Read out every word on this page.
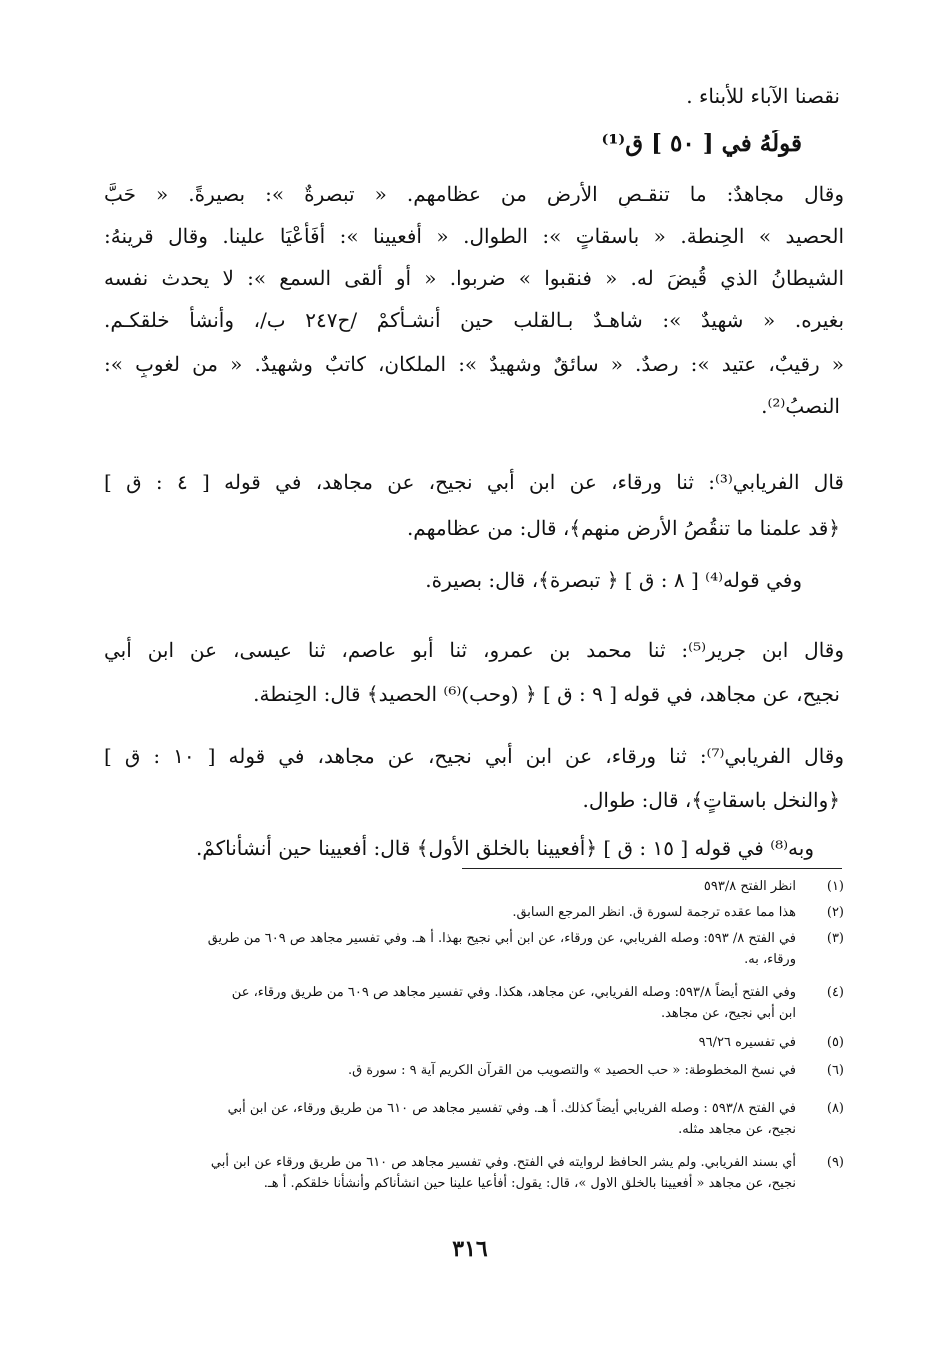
نقصنا الآباء للأبناء .
قولُهُ في [ ٥٠ ] ق⁽¹⁾
وقال مجاهدٌ: ما تنقـصِ الأرض من عظامهم. « تبصرةٌ »: بصيرةً. « حَبَّ
الحصيد » الحِنطة. « باسقاتٍ »: الطوال. « أفعيينا »: أَفَأَعْيَا علينا. وقال قرينهُ:
الشيطانُ الذي قُيضَ له. « فنقبوا » ضربوا. « أو ألقى السمع »: لا يحدث نفسه
بغيره. « شهيدٌ »: شاهـدٌ بـالقلب حين أنشـأكمْ /ح٢٤٧ ب/، وأنشأ خلقكـم.
« رقيبٌ، عتيد »: رصدٌ. « سائقٌ وشهيدٌ »: الملكان، كاتبٌ وشهيدٌ. « من لغوبٍ »:
النصبُ⁽²⁾.
قال الفريابي⁽³⁾: ثنا ورقاء، عن ابن أبي نجيح، عن مجاهد، في قوله [ ٤ : ق ]
﴿قد علمنا ما تنقُصُ الأرض منهم﴾، قال: من عظامهم.
وفي قوله⁽⁴⁾ [ ٨ : ق ] ﴿ تبصرة﴾، قال: بصيرة.
وقال ابن جرير⁽⁵⁾: ثنا محمد بن عمرو، ثنا أبو عاصم، ثنا عيسى، عن ابن أبي
نجيح، عن مجاهد، في قوله [ ٩ : ق ] ﴿ (وحب)⁽⁶⁾ الحصيد﴾ قال: الحِنطة.
وقال الفريابي⁽⁷⁾: ثنا ورقاء، عن ابن أبي نجيح، عن مجاهد، في قوله [ ١٠ : ق ]
﴿والنخل باسقاتٍ﴾، قال: طوال.
وبه⁽⁸⁾ في قوله [ ١٥ : ق ] ﴿أفعيينا بالخلق الأول﴾ قال: أفعيينا حين أنشأناكمْ.
(١)
انظر الفتح ٥٩٣/٨
(٢)
هذا مما عقده ترجمة لسورة ق. انظر المرجع السابق.
(٣)
في الفتح ٨/ ٥٩٣: وصله الفريابي، عن ورقاء، عن ابن أبي نجيح بهذا. أ هـ. وفي تفسير مجاهد ص ٦٠٩ من طريق
ورقاء، به.
(٤)
وفي الفتح أيضاً ٥٩٣/٨: وصله الفريابي، عن مجاهد، هكذا. وفي تفسير مجاهد ص ٦٠٩ من طريق ورقاء، عن
ابن أبي نجيح، عن مجاهد.
(٥)
في تفسيره ٩٦/٢٦
(٦)
في نسخ المخطوطة: « حب الحصيد » والتصويب من القرآن الكريم آية ٩ : سورة ق.
(٨)
في الفتح ٥٩٣/٨ : وصله الفريابي أيضاً كذلك. أ هـ. وفي تفسير مجاهد ص ٦١٠ من طريق ورقاء، عن ابن أبي
نجيح، عن مجاهد مثله.
(٩)
أي بسند الفريابي. ولم يشر الحافظ لروايته في الفتح. وفي تفسير مجاهد ص ٦١٠ من طريق ورقاء عن ابن أبي
نجيح، عن مجاهد « أفعيينا بالخلق الاول »، قال: يقول: أفأعيا علينا حين انشأناكم وأنشأنا خلقكم. أ هـ.
٣١٦
